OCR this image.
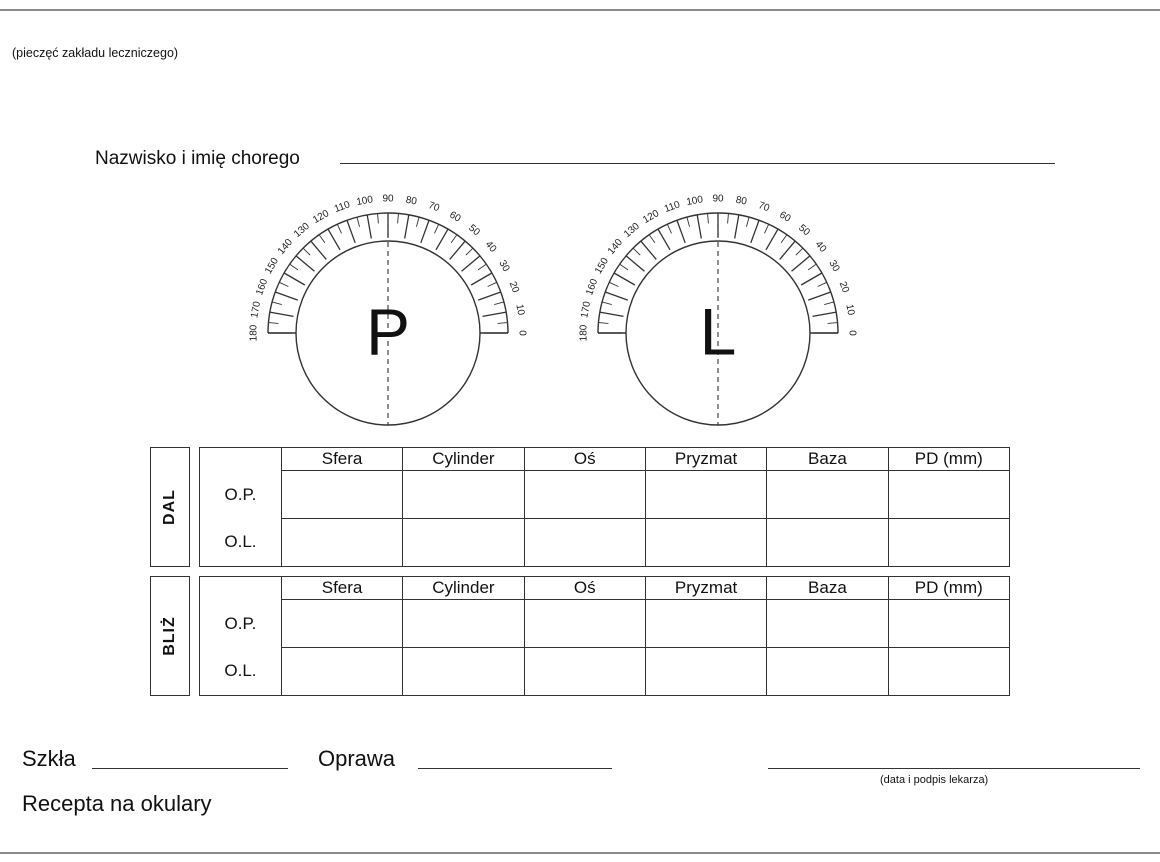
(pieczęć zakładu leczniczego)
Nazwisko i imię chorego
180
170
160
150
140
130
120
110 100 90 80 70
60
50
40
30
20
10
0
P	180
170
160
150
140
130
120
110 100 90 80 70
60
50
40
30
20
10
0
L
DAL
	Sfera	Cylinder	Oś	Pryzmat	Baza	PD (mm)
O.P.						
O.L.						
BLIŻ
	Sfera	Cylinder	Oś	Pryzmat	Baza	PD (mm)
O.P.						
O.L.						
Szkła	Oprawa
(data i podpis lekarza)
Recepta na okulary
